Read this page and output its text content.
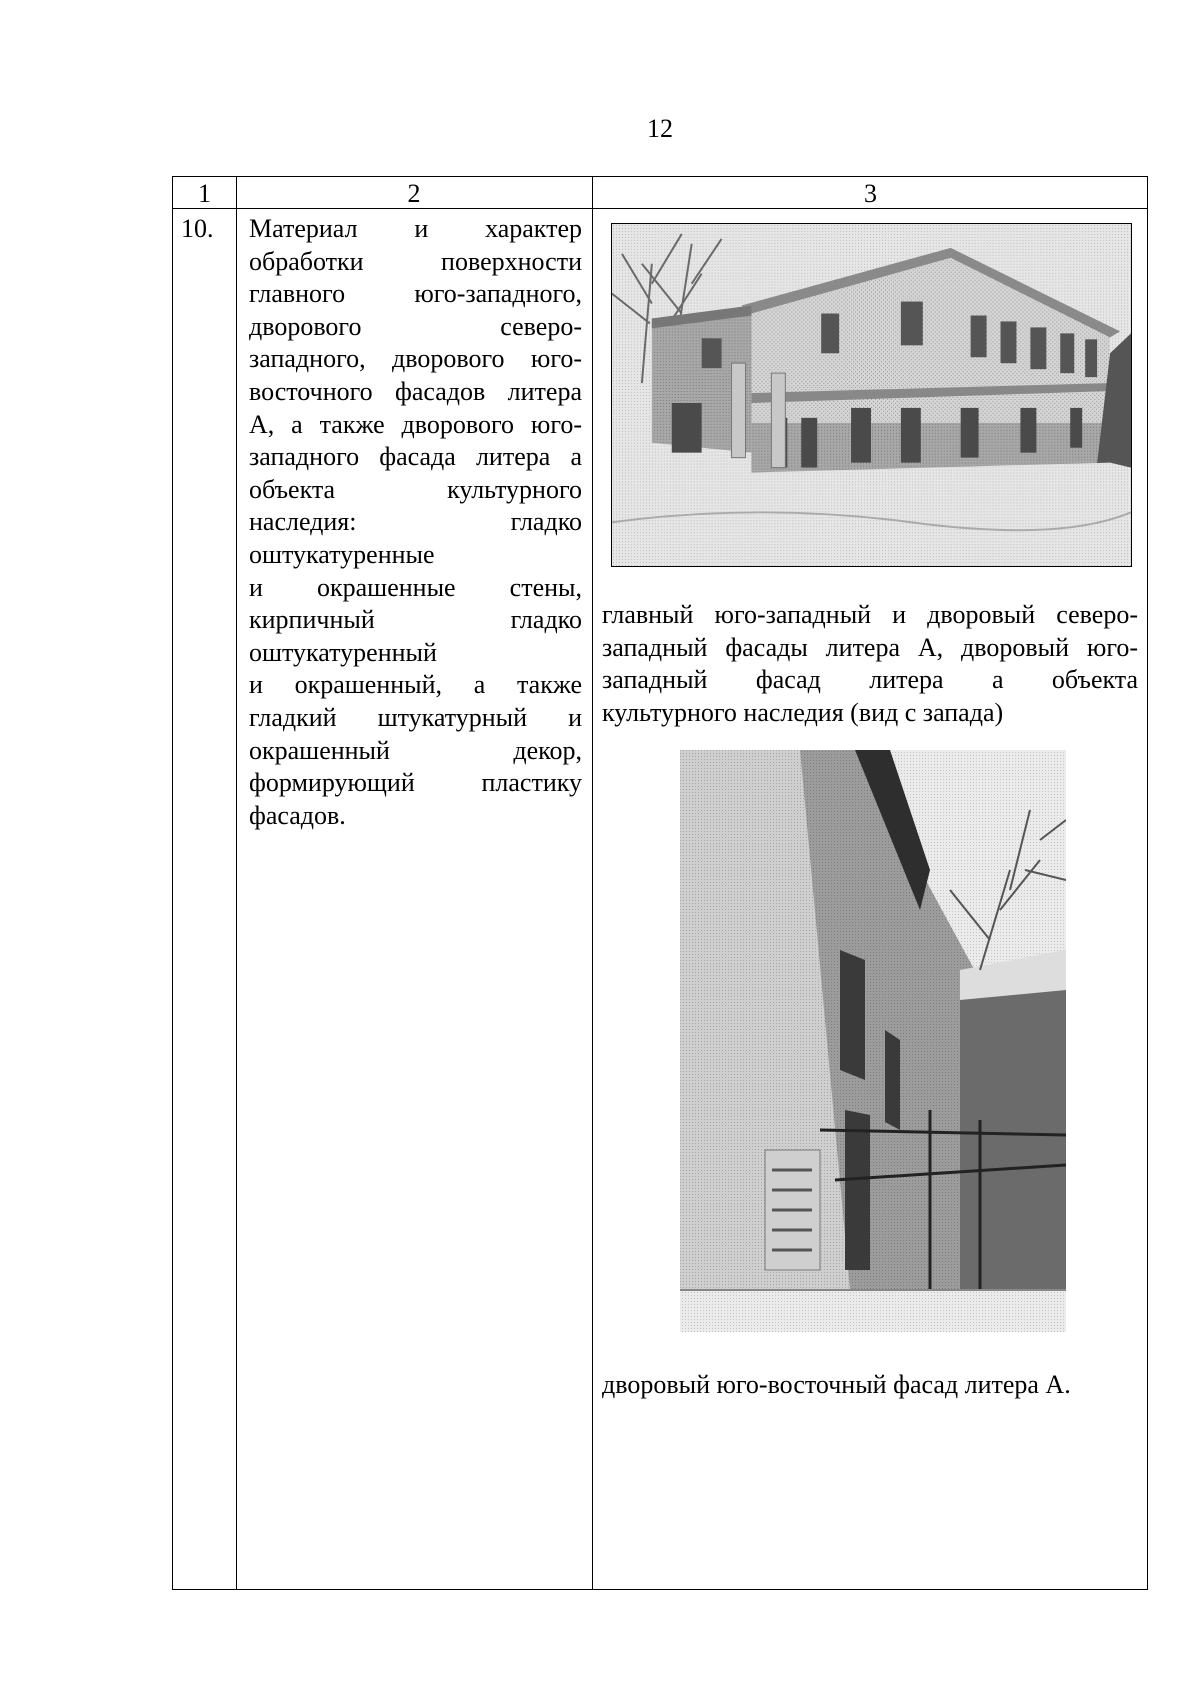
12
1	2	3
10. Материал и характер
обработки поверхности
главного юго-западного,
дворового северо-
западного, дворового юго-
восточного фасадов литера
А, а также дворового юго-
западного фасада литера а
объекта культурного
наследия: гладко
оштукатуренные
и окрашенные стены,
кирпичный гладко
оштукатуренный
и окрашенный, а также
гладкий штукатурный и
окрашенный декор,
формирующий пластику
фасадов.
главный юго-западный и дворовый северо-
западный фасады литера А, дворовый юго-
западный фасад литера а объекта
культурного наследия (вид с запада)
дворовый юго-восточный фасад литера А.
